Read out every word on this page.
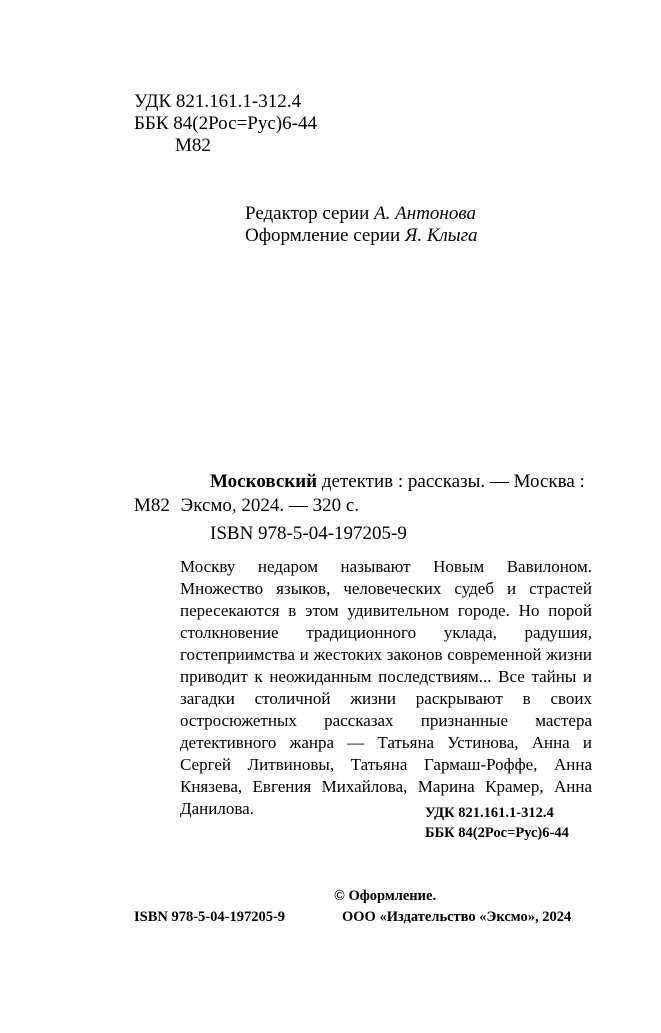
УДК 821.161.1-312.4
ББК 84(2Рос=Рус)6-44
М82
Редактор серии А. Антонова
Оформление серии Я. Клыга
Московский детектив : рассказы. — Москва :
М82 Эксмо, 2024. — 320 с.
ISBN 978-5-04-197205-9

Москву недаром называют Новым Вавилоном. Множество языков, человеческих судеб и страстей пересекаются в этом удивительном городе. Но порой столкновение традиционного уклада, радушия, гостеприимства и жестоких законов современной жизни приводит к неожиданным последствиям... Все тайны и загадки столичной жизни раскрывают в своих остросюжетных рассказах признанные мастера детективного жанра — Татьяна Устинова, Анна и Сергей Литвиновы, Татьяна Гармаш-Роффе, Анна Князева, Евгения Михайлова, Марина Крамер, Анна Данилова.	УДК 821.161.1-312.4
ББК 84(2Рос=Рус)6-44
© Оформление.
ISBN 978-5-04-197205-9	ООО «Издательство «Эксмо», 2024
